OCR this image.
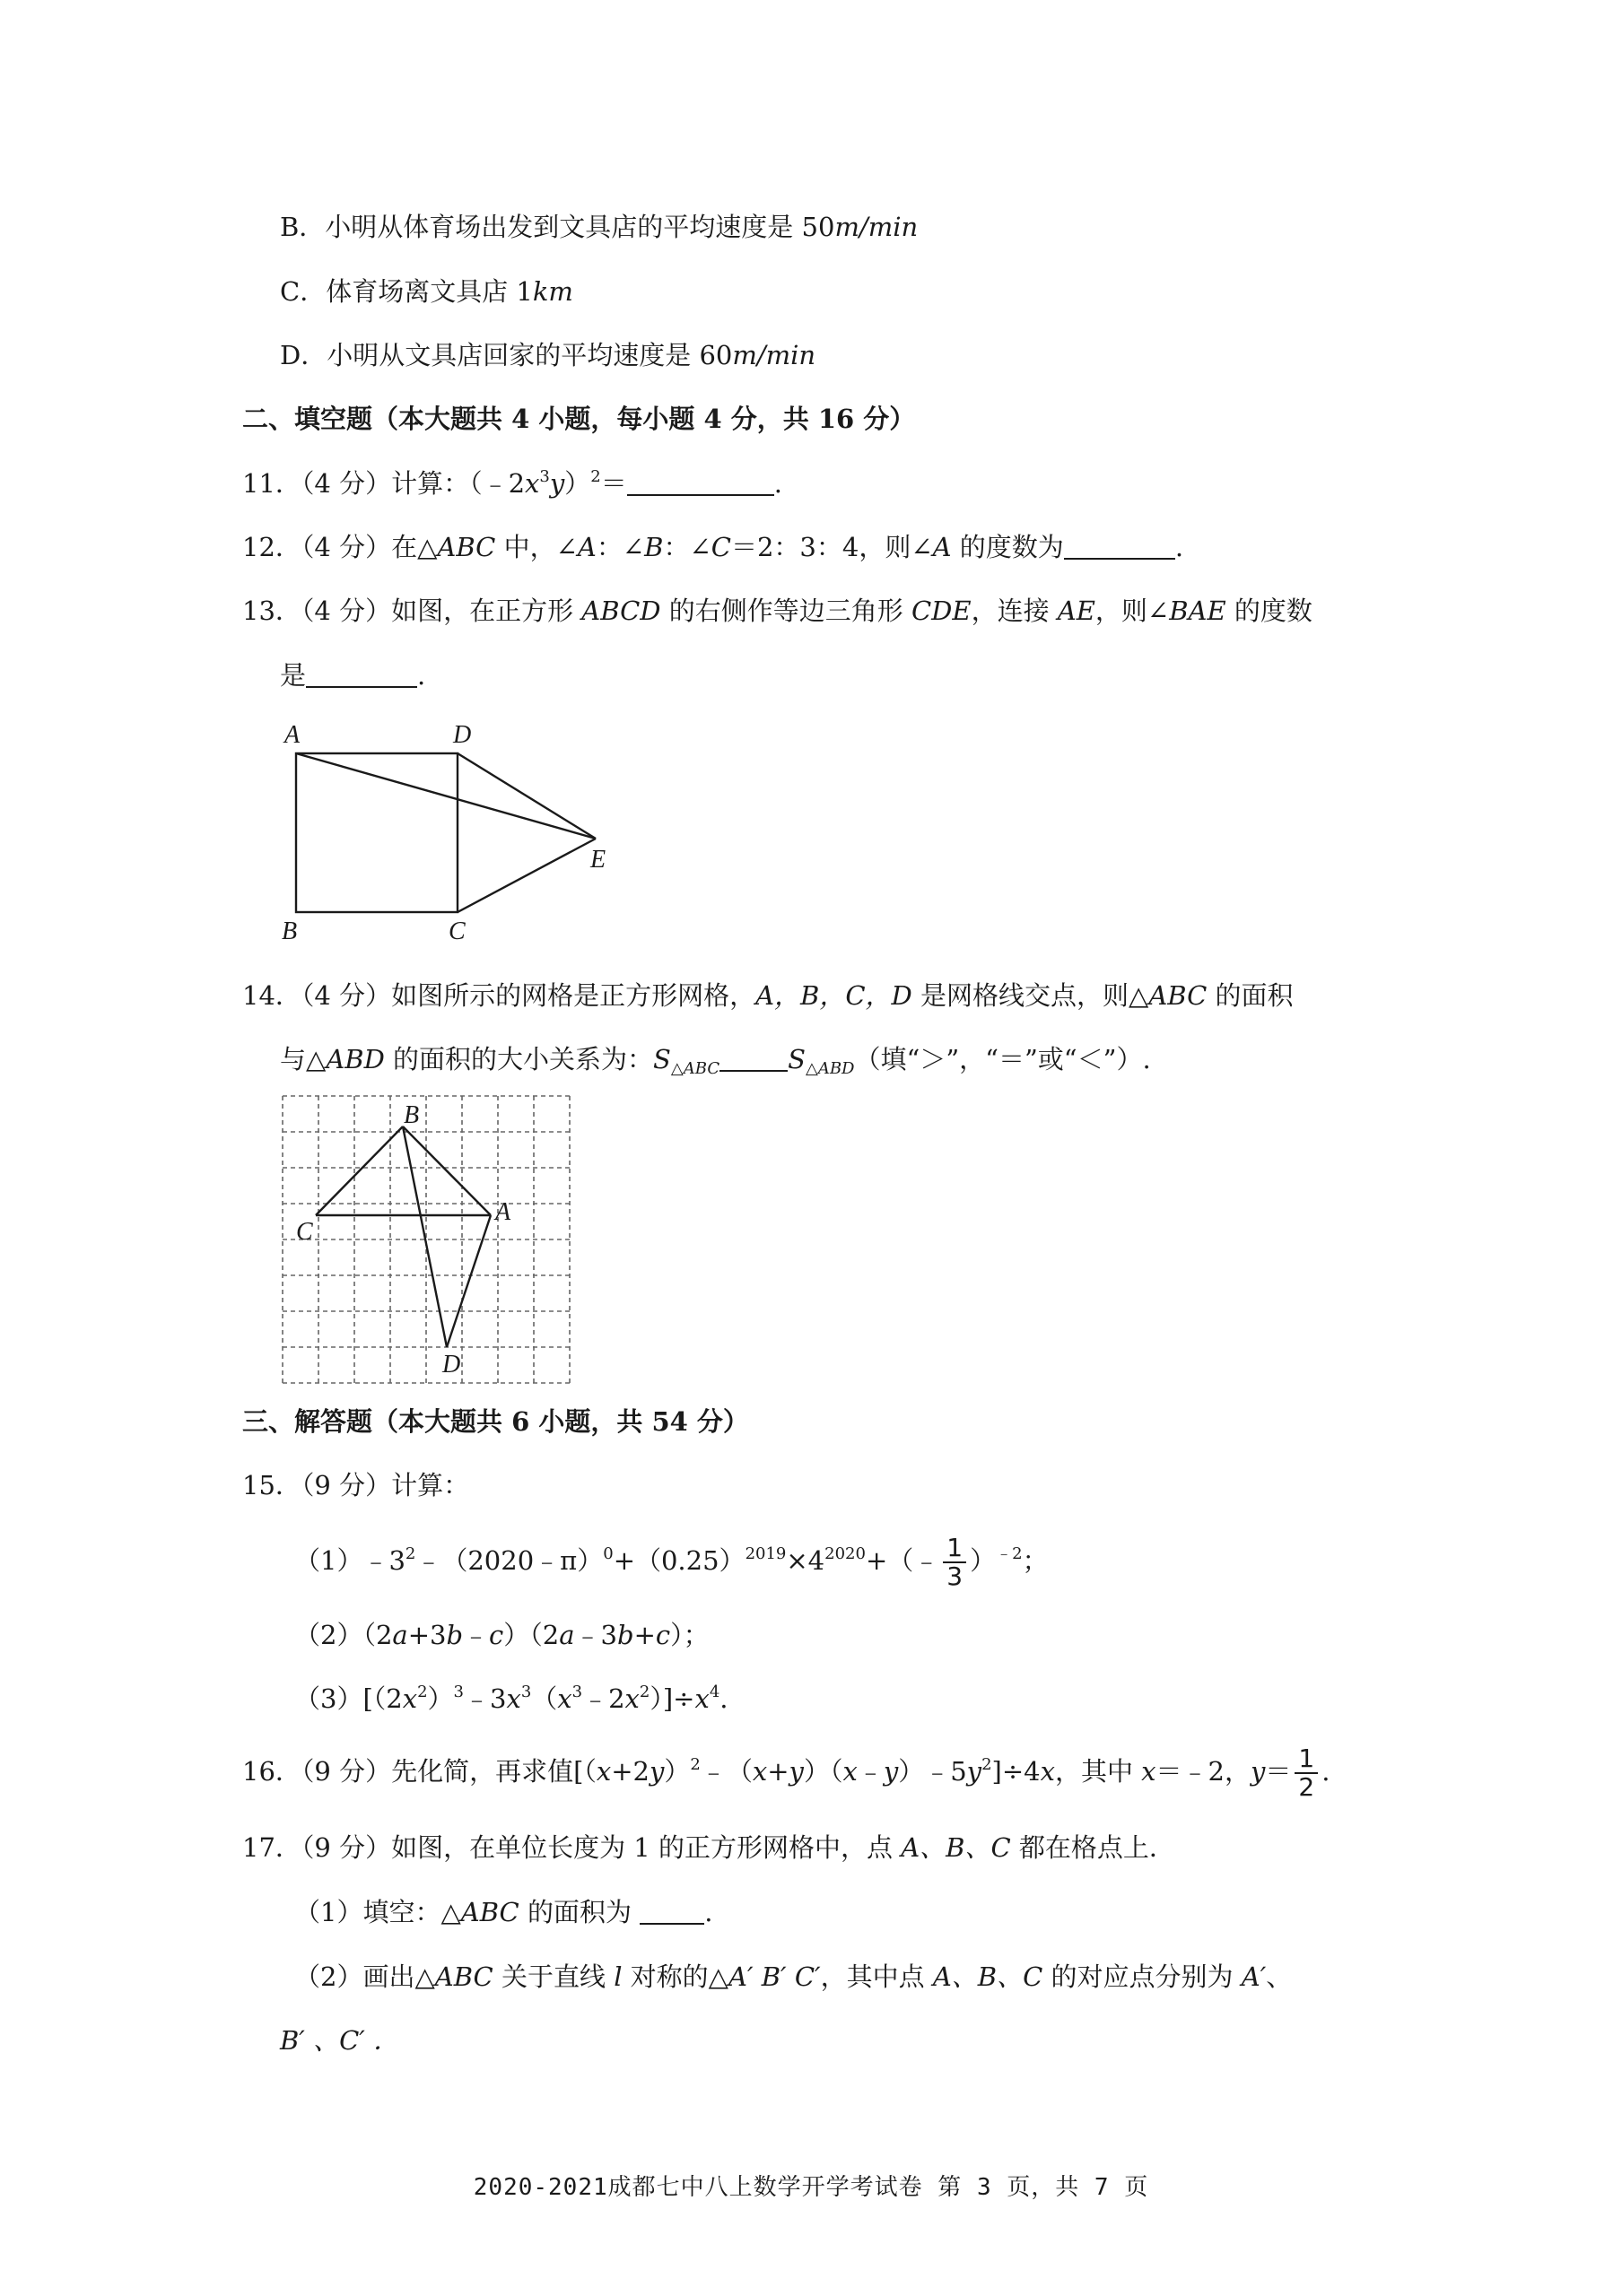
B．小明从体育场出发到文具店的平均速度是 50m/min
C．体育场离文具店 1km
D．小明从文具店回家的平均速度是 60m/min
二、填空题（本大题共 4 小题，每小题 4 分，共 16 分）
11．（4 分）计算：$(﹣2x^3y)^2=$	.
12．（4 分）在△ABC 中，∠A：∠B：∠C＝2：3：4，则∠A 的度数为	.
13．（4 分）如图，在正方形 ABCD 的右侧作等边三角形 CDE，连接 AE，则∠BAE 的度数
是	.
A	D
E
B	C
14．（4 分）如图所示的网格是正方形网格，A，B，C，D 是网格线交点，则△ABC 的面积
与△ABD 的面积的大小关系为：$S_{\triangle ABC}$	$S_{\triangle ABD}$（填“＞”，“＝”或“＜”）.
B
A
C
D
三、解答题（本大题共 6 小题，共 54 分）
15．（9 分）计算：
$(1)﹣3^2﹣(2020﹣\pi)^0+(0.25)^{2019}\times 4^{2020}+(﹣ \frac{1}{3} )^{﹣2}$；
（2）（2a+3b﹣c）（2a﹣3b+c）；
$(3)[(2x^2)^3﹣3x^3(x^3﹣2x^2)]\div x^4$.
16．（9 分）先化简，再求值$[(x+2y)^2﹣(x+y)(x﹣y)﹣5y^2]\div 4x$，其中 x＝﹣2，$y= \frac{1}{2}$ .
17．（9 分）如图，在单位长度为 1 的正方形网格中，点 A、B、C 都在格点上．
（1）填空：△ABC 的面积为 .
（2）画出△ABC 关于直线 l 对称的△A′ B′ C′，其中点 A、B、C 的对应点分别为 A′、
B′ 、C′ ．
2020-2021成都七中八上数学开学考试卷 第 3 页，共 7 页
